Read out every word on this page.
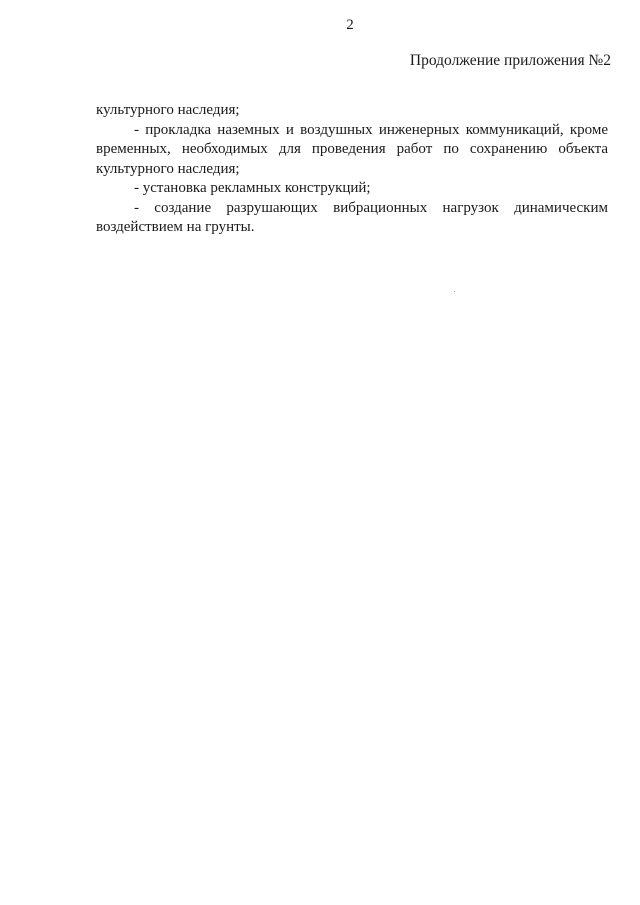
2
Продолжение приложения №2

культурного наследия;

- прокладка наземных и воздушных инженерных коммуникаций, кроме

временных, необходимых для проведения работ по сохранению объекта

культурного наследия;

- установка рекламных конструкций;

- создание разрушающих вибрационных нагрузок динамическим

воздействием на грунты.
